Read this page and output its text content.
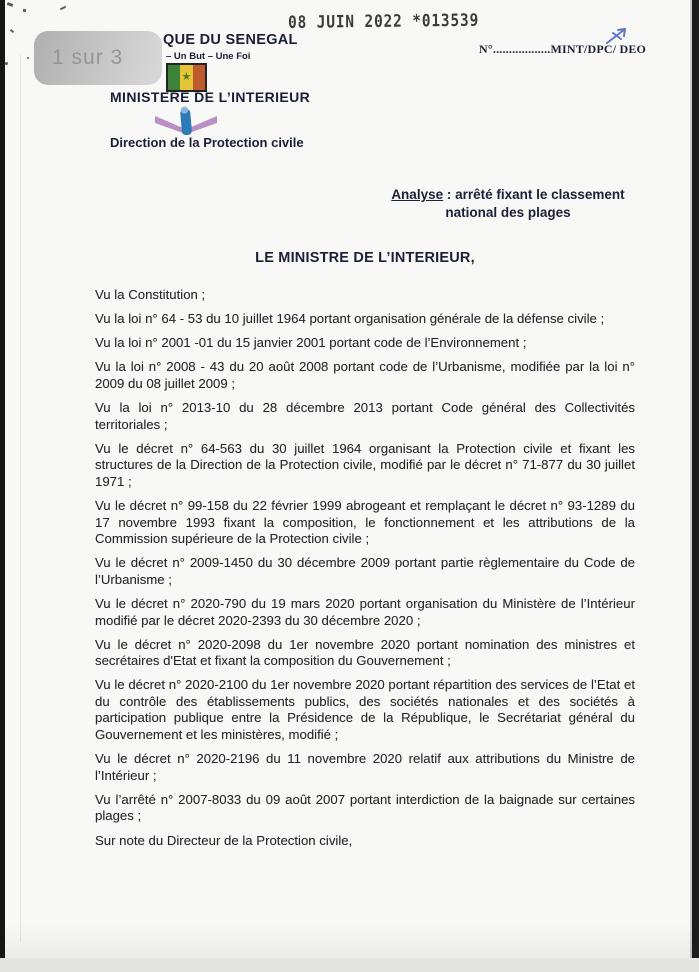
1 sur 3
08 JUIN 2022 *013539
N°..................MINT/DPC/ DEO
QUE DU SENEGAL
– Un But – Une Foi
★
MINISTERE DE L’INTERIEUR
Direction de la Protection civile
Analyse : arrêté fixant le classement
national des plages
LE MINISTRE DE L’INTERIEUR,

Vu la Constitution ;

Vu la loi n° 64 - 53 du 10 juillet 1964 portant organisation générale de la défense civile ;

Vu la loi n° 2001 -01 du 15 janvier 2001 portant code de l’Environnement ;

Vu la loi n° 2008 - 43 du 20 août 2008 portant code de l’Urbanisme, modifiée par la loi n° 2009 du 08 juillet 2009 ;

Vu la loi n° 2013-10 du 28 décembre 2013 portant Code général des Collectivités territoriales ;

Vu le décret n° 64-563 du 30 juillet 1964 organisant la Protection civile et fixant les structures de la Direction de la Protection civile, modifié par le décret n° 71-877 du 30 juillet 1971 ;

Vu le décret n° 99-158 du 22 février 1999 abrogeant et remplaçant le décret n° 93-1289 du 17 novembre 1993 fixant la composition, le fonctionnement et les attributions de la Commission supérieure de la Protection civile ;

Vu le décret n° 2009-1450 du 30 décembre 2009 portant partie règlementaire du Code de l’Urbanisme ;

Vu le décret n° 2020-790 du 19 mars 2020 portant organisation du Ministère de l’Intérieur modifié par le décret 2020-2393 du 30 décembre 2020 ;

Vu le décret n° 2020-2098 du 1er novembre 2020 portant nomination des ministres et secrétaires d'Etat et fixant la composition du Gouvernement ;

Vu le décret n° 2020-2100 du 1er novembre 2020 portant répartition des services de l’Etat et du contrôle des établissements publics, des sociétés nationales et des sociétés à participation publique entre la Présidence de la République, le Secrétariat général du Gouvernement et les ministères, modifié ;

Vu le décret n° 2020-2196 du 11 novembre 2020 relatif aux attributions du Ministre de l’Intérieur ;

Vu l’arrêté n° 2007-8033 du 09 août 2007 portant interdiction de la baignade sur certaines plages ;

Sur note du Directeur de la Protection civile,
